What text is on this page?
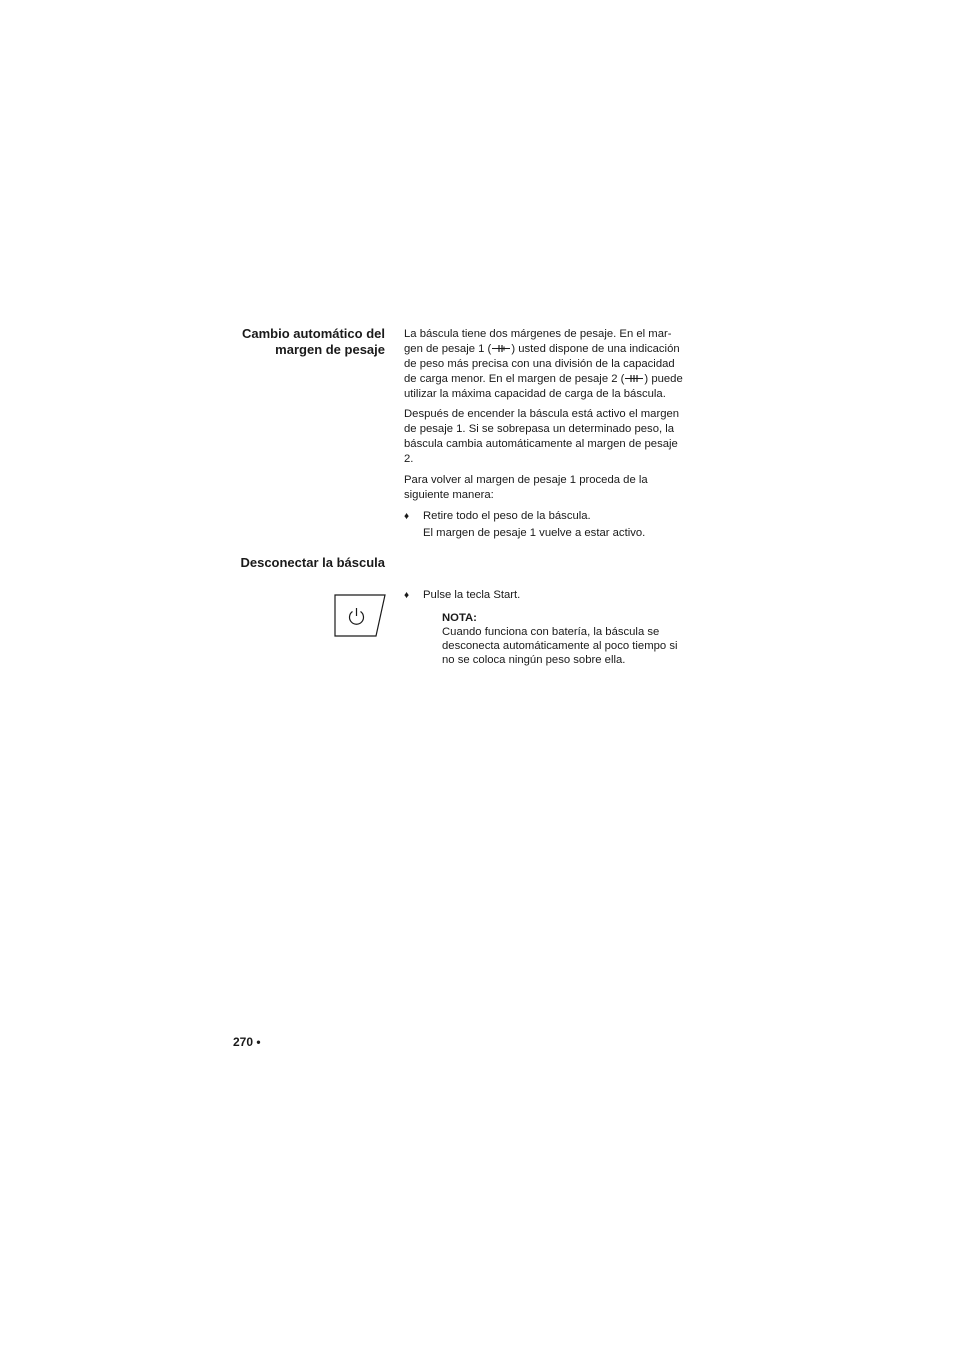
Cambio automático del
margen de pesaje

La báscula tiene dos márgenes de pesaje. En el mar-
gen de pesaje 1 ( ) usted dispone de una indicación
de peso más precisa con una división de la capacidad
de carga menor. En el margen de pesaje 2 ( ) puede
utilizar la máxima capacidad de carga de la báscula.

Después de encender la báscula está activo el margen
de pesaje 1. Si se sobrepasa un determinado peso, la
báscula cambia automáticamente al margen de pesaje
2.

Para volver al margen de pesaje 1 proceda de la
siguiente manera:

♦ Retire todo el peso de la báscula.
El margen de pesaje 1 vuelve a estar activo.
Desconectar la báscula
♦ Pulse la tecla Start.
NOTA:
Cuando funciona con batería, la báscula se
desconecta automáticamente al poco tiempo si
no se coloca ningún peso sobre ella.
270 •
